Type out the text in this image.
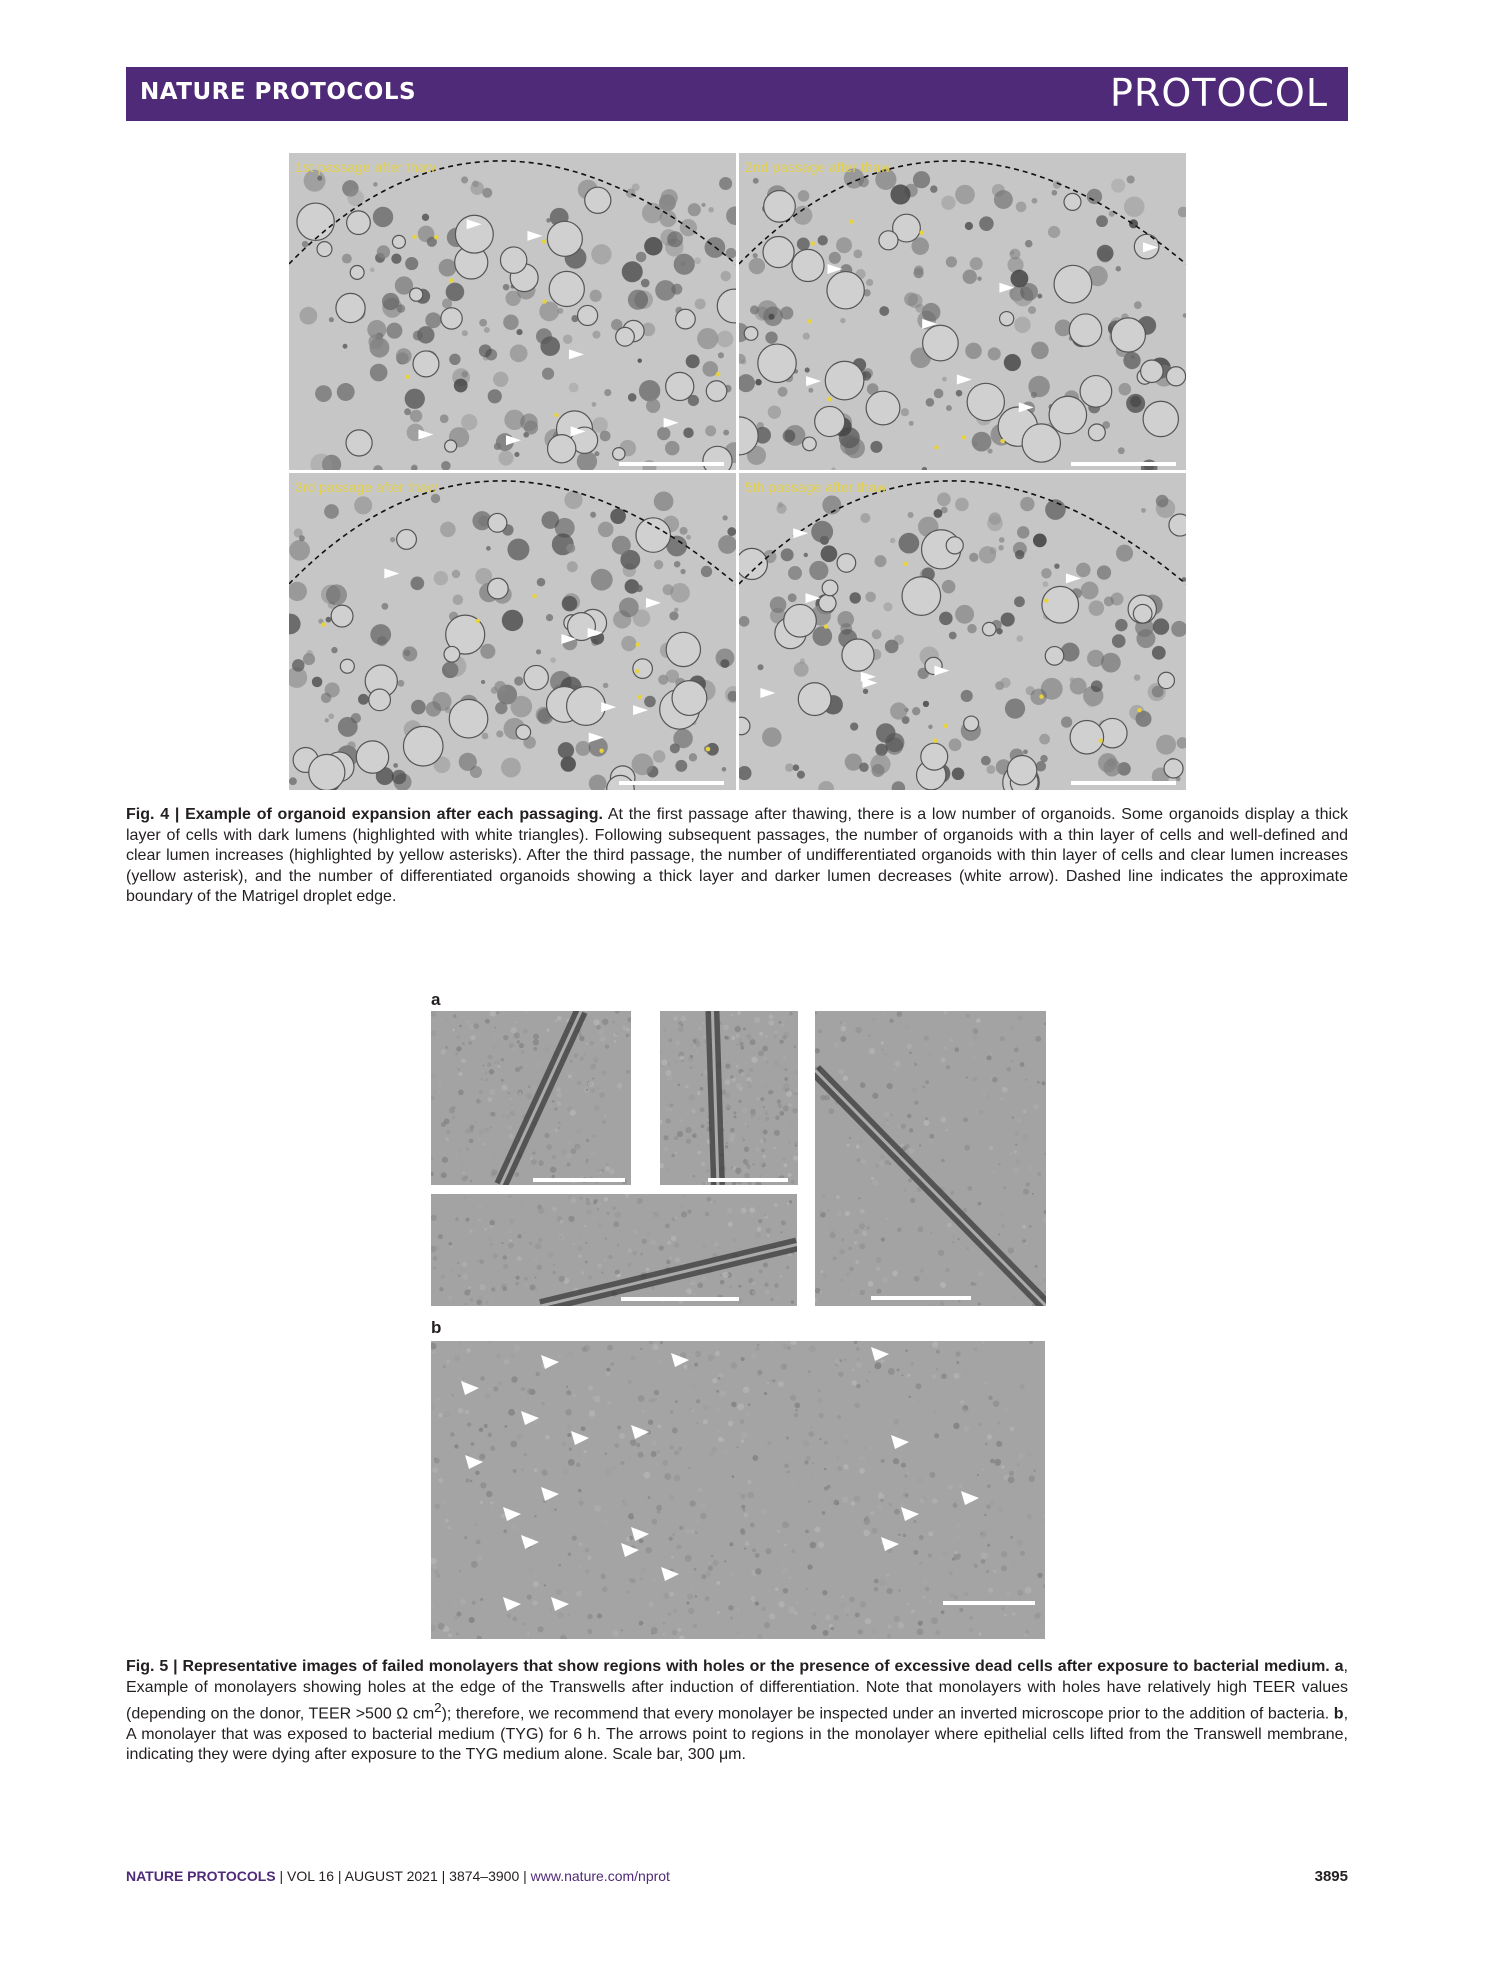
NATURE PROTOCOLS	PROTOCOL
1st passage after thaw	2nd passage after thaw
3rd passage after thaw	5th passage after thaw
Fig. 4 | Example of organoid expansion after each passaging. At the first passage after thawing, there is a low number of organoids. Some organoids display a thick layer of cells with dark lumens (highlighted with white triangles). Following subsequent passages, the number of organoids with a thin layer of cells and well-defined and clear lumen increases (highlighted by yellow asterisks). After the third passage, the number of undifferentiated organoids with thin layer of cells and clear lumen increases (yellow asterisk), and the number of differentiated organoids showing a thick layer and darker lumen decreases (white arrow). Dashed line indicates the approximate boundary of the Matrigel droplet edge.
a
b
Fig. 5 | Representative images of failed monolayers that show regions with holes or the presence of excessive dead cells after exposure to bacterial medium. a, Example of monolayers showing holes at the edge of the Transwells after induction of differentiation. Note that monolayers with holes have relatively high TEER values (depending on the donor, TEER >500 Ω $cm^2$); therefore, we recommend that every monolayer be inspected under an inverted microscope prior to the addition of bacteria. b, A monolayer that was exposed to bacterial medium (TYG) for 6 h. The arrows point to regions in the monolayer where epithelial cells lifted from the Transwell membrane, indicating they were dying after exposure to the TYG medium alone. Scale bar, 300 μm.
NATURE PROTOCOLS | VOL 16 | AUGUST 2021 | 3874–3900 | www.nature.com/nprot	3895
